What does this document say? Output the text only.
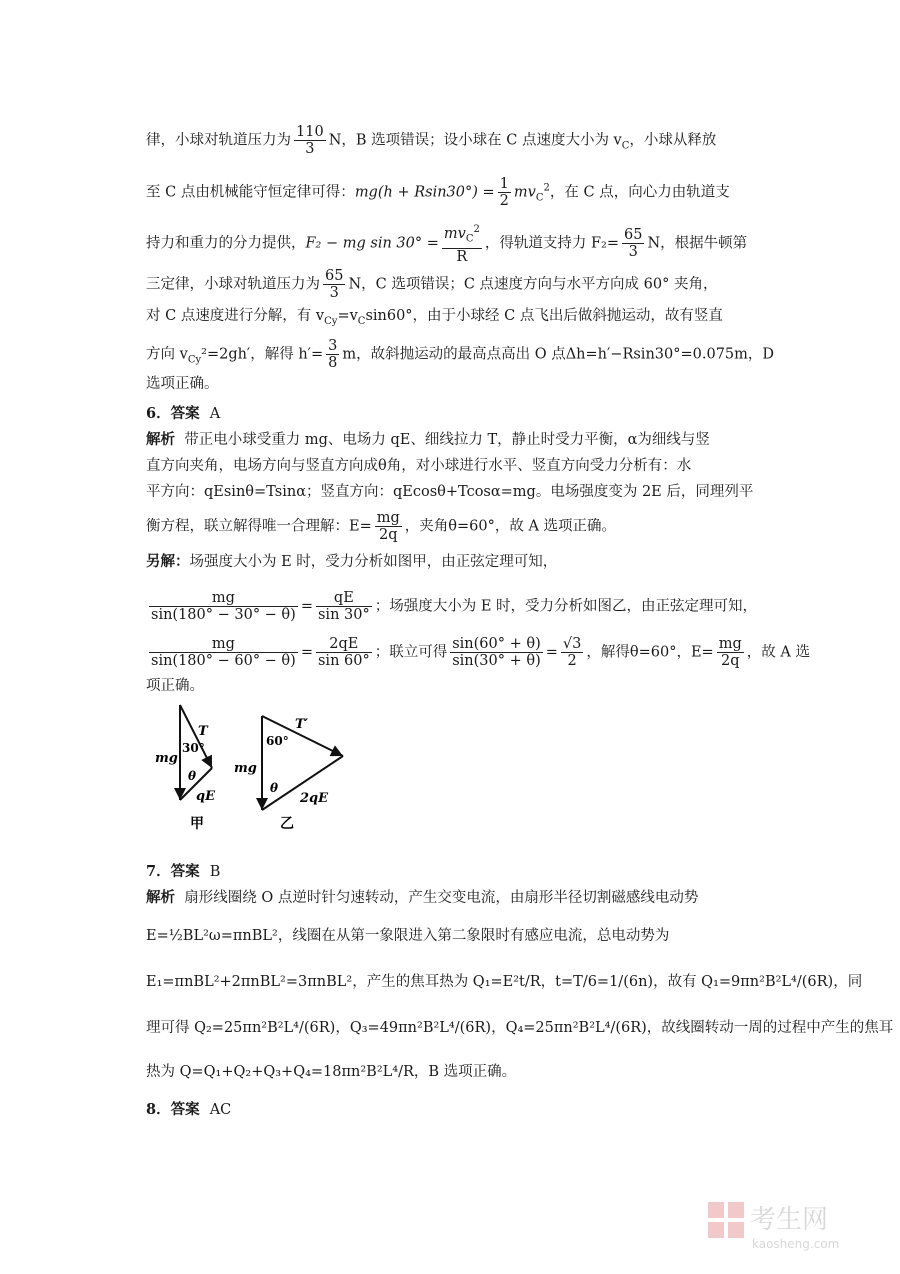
律，小球对轨道压力为 $\frac{110}{3}$ N，B 选项错误；设小球在 C 点速度大小为 $v_C$，小球从释放
至 C 点由机械能守恒定律可得：$mg(h + Rsin30^\circ) = \frac{1}{2} mv_C^2$，在 C 点，向心力由轨道支
持力和重力的分力提供，F₂ − mg $\sin 30^\circ = \frac{mv_C^2}{R}$ ，得轨道支持力 $F_2= \frac{65}{3}$ N，根据牛顿第
三定律，小球对轨道压力为 $\frac{65}{3}$ N，C 选项错误；C 点速度方向与水平方向成 60° 夹角，
对 C 点速度进行分解，有 $v_{Cy}=v_C\sin 60^\circ$，由于小球经 C 点飞出后做斜抛运动，故有竖直
方向 $v_{Cy}^2=2gh'$，解得 $h'= \frac{3}{8}$ m，故斜抛运动的最高点高出 O 点Δh=h′−Rsin30°=0.075m，D
选项正确。
6．答案 A
解析 带正电小球受重力 mg、电场力 qE、细线拉力 T，静止时受力平衡，α为细线与竖
直方向夹角，电场方向与竖直方向成θ角，对小球进行水平、竖直方向受力分析有：水
平方向：qEsinθ=Tsinα；竖直方向：qEcosθ+Tcosα=mg。电场强度变为 2E 后，同理列平
衡方程，联立解得唯一合理解：$E= \frac{mg}{2q}$ ，夹角θ=60°，故 A 选项正确。
另解：场强度大小为 E 时，受力分析如图甲，由正弦定理可知，
$\frac{mg}{\sin(180^\circ - 30^\circ - \theta)} = \frac{qE}{\sin 30^\circ}$ ；场强度大小为 E 时，受力分析如图乙，由正弦定理可知，
$\frac{mg}{\sin(180^\circ - 60^\circ - \theta)} = \frac{2qE}{\sin 60^\circ}$ ；联立可得 $\frac{\sin(60^\circ + \theta)}{\sin(30^\circ + \theta)} = \frac{√3}{2}$ ，解得θ=60°，$E= \frac{mg}{2q}$ ，故 A 选
项正确。
mg
T
30°
θ
qE
甲
mg
T′
60°
θ
2qE
乙
7．答案 B
解析 扇形线圈绕 O 点逆时针匀速转动，产生交变电流，由扇形半径切割磁感线电动势
E=½BL²ω=πnBL²，线圈在从第一象限进入第二象限时有感应电流，总电动势为
E₁=πnBL²+2πnBL²=3πnBL²，产生的焦耳热为 Q₁=E²t/R，t=T/6=1/(6n)，故有 Q₁=9πn²B²L⁴/(6R)，同
理可得 Q₂=25πn²B²L⁴/(6R)，Q₃=49πn²B²L⁴/(6R)，Q₄=25πn²B²L⁴/(6R)，故线圈转动一周的过程中产生的焦耳
热为 Q=Q₁+Q₂+Q₃+Q₄=18πn²B²L⁴/R，B 选项正确。
8．答案 AC
考生网
kaosheng.com
